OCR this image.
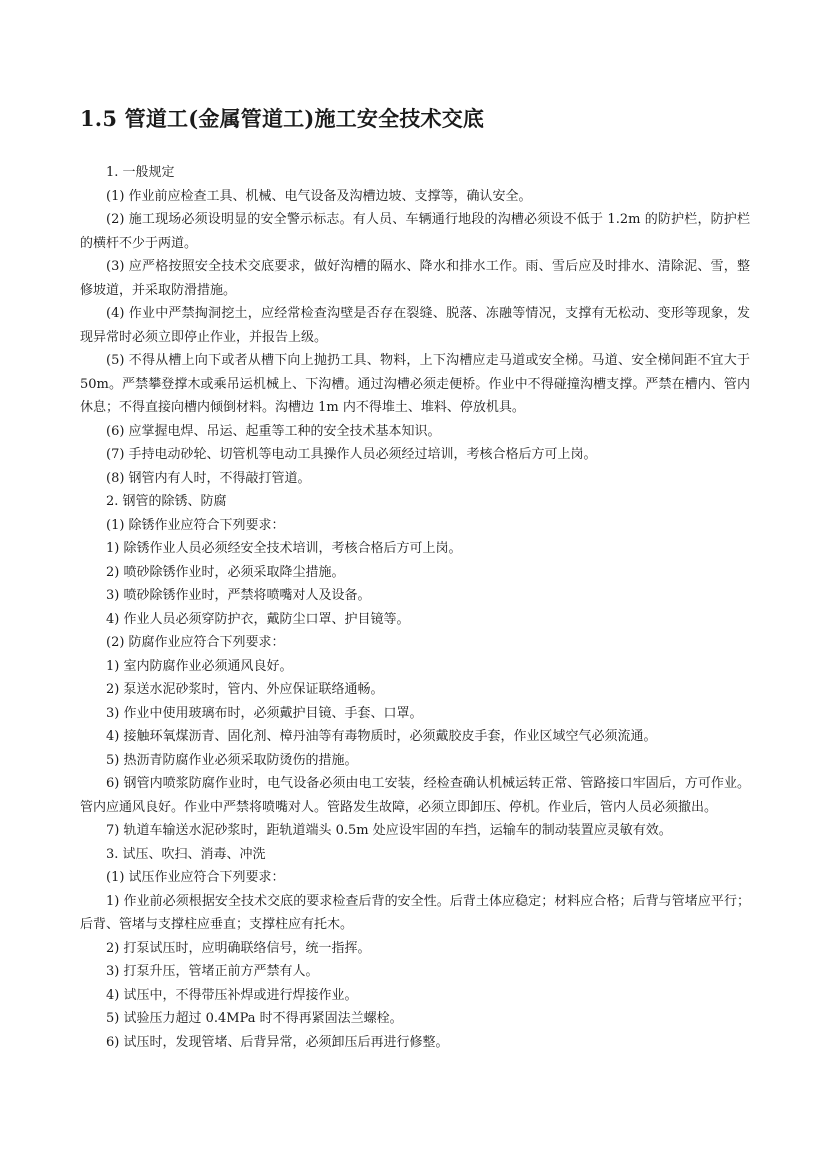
1.5 管道工(金属管道工)施工安全技术交底

1. 一般规定

(1) 作业前应检查工具、机械、电气设备及沟槽边坡、支撑等，确认安全。

(2) 施工现场必须设明显的安全警示标志。有人员、车辆通行地段的沟槽必须设不低于 1.2m 的防护栏，防护栏的横杆不少于两道。

(3) 应严格按照安全技术交底要求，做好沟槽的隔水、降水和排水工作。雨、雪后应及时排水、清除泥、雪，整修坡道，并采取防滑措施。

(4) 作业中严禁掏洞挖土，应经常检查沟壁是否存在裂缝、脱落、冻融等情况，支撑有无松动、变形等现象，发现异常时必须立即停止作业，并报告上级。

(5) 不得从槽上向下或者从槽下向上抛扔工具、物料，上下沟槽应走马道或安全梯。马道、安全梯间距不宜大于 50m。严禁攀登撑木或乘吊运机械上、下沟槽。通过沟槽必须走便桥。作业中不得碰撞沟槽支撑。严禁在槽内、管内休息；不得直接向槽内倾倒材料。沟槽边 1m 内不得堆土、堆料、停放机具。

(6) 应掌握电焊、吊运、起重等工种的安全技术基本知识。

(7) 手持电动砂轮、切管机等电动工具操作人员必须经过培训，考核合格后方可上岗。

(8) 钢管内有人时，不得敲打管道。

2. 钢管的除锈、防腐

(1) 除锈作业应符合下列要求：

1) 除锈作业人员必须经安全技术培训，考核合格后方可上岗。

2) 喷砂除锈作业时，必须采取降尘措施。

3) 喷砂除锈作业时，严禁将喷嘴对人及设备。

4) 作业人员必须穿防护衣，戴防尘口罩、护目镜等。

(2) 防腐作业应符合下列要求：

1) 室内防腐作业必须通风良好。

2) 泵送水泥砂浆时，管内、外应保证联络通畅。

3) 作业中使用玻璃布时，必须戴护目镜、手套、口罩。

4) 接触环氧煤沥青、固化剂、樟丹油等有毒物质时，必须戴胶皮手套，作业区域空气必须流通。

5) 热沥青防腐作业必须采取防烫伤的措施。

6) 钢管内喷浆防腐作业时，电气设备必须由电工安装，经检查确认机械运转正常、管路接口牢固后，方可作业。管内应通风良好。作业中严禁将喷嘴对人。管路发生故障，必须立即卸压、停机。作业后，管内人员必须撤出。

7) 轨道车输送水泥砂浆时，距轨道端头 0.5m 处应设牢固的车挡，运输车的制动装置应灵敏有效。

3. 试压、吹扫、消毒、冲洗

(1) 试压作业应符合下列要求：

1) 作业前必须根据安全技术交底的要求检查后背的安全性。后背土体应稳定；材料应合格；后背与管堵应平行；后背、管堵与支撑柱应垂直；支撑柱应有托木。

2) 打泵试压时，应明确联络信号，统一指挥。

3) 打泵升压，管堵正前方严禁有人。

4) 试压中，不得带压补焊或进行焊接作业。

5) 试验压力超过 0.4MPa 时不得再紧固法兰螺栓。

6) 试压时，发现管堵、后背异常，必须卸压后再进行修整。
